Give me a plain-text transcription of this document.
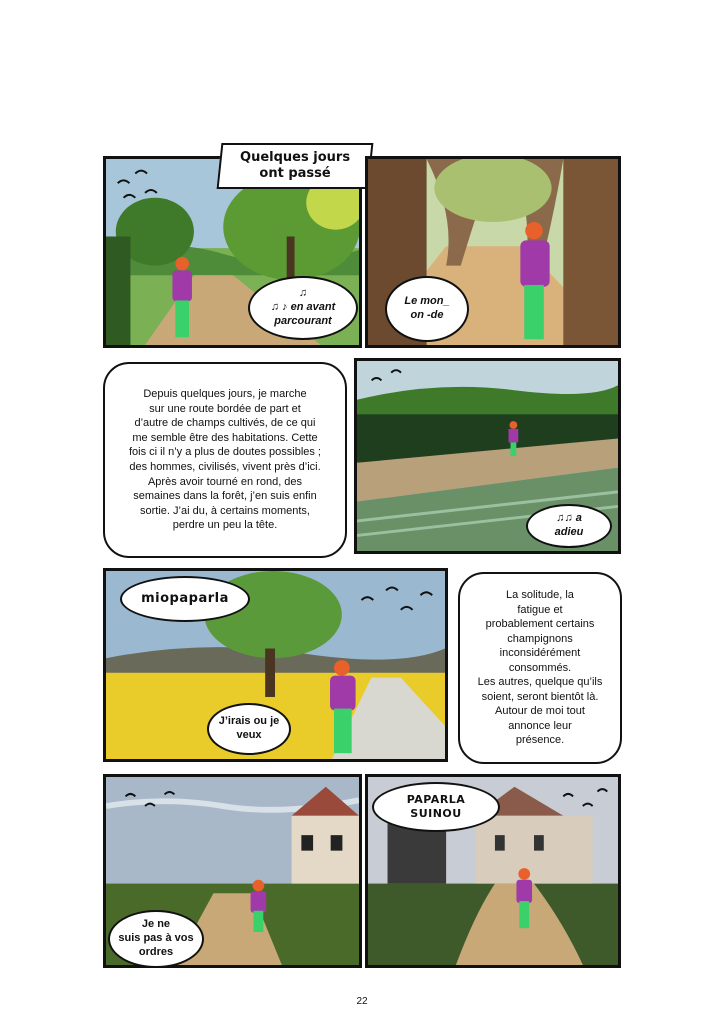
Quelques jours
ont passé
♫
♫ ♪ en avant
parcourant
Le mon_
on -de
Depuis quelques jours, je marche
sur une route bordée de part et
d’autre de champs cultivés, de ce qui
me semble être des habitations. Cette
fois ci il n’y a plus de doutes possibles ;
des hommes, civilisés, vivent près d’ici.
Après avoir tourné en rond, des
semaines dans la forêt, j’en suis enfin
sortie. J’ai du, à certains moments,
perdre un peu la tête.
♫♫ a
adieu
miopaparla
J’irais ou je
veux
La solitude, la
fatigue et
probablement certains
champignons
inconsidérément
consommés.
Les autres, quelque qu’ils
soient, seront bientôt là.
Autour de moi tout
annonce leur
présence.
Je ne
suis pas à vos
ordres
PAPARLA
SUINOU
22
